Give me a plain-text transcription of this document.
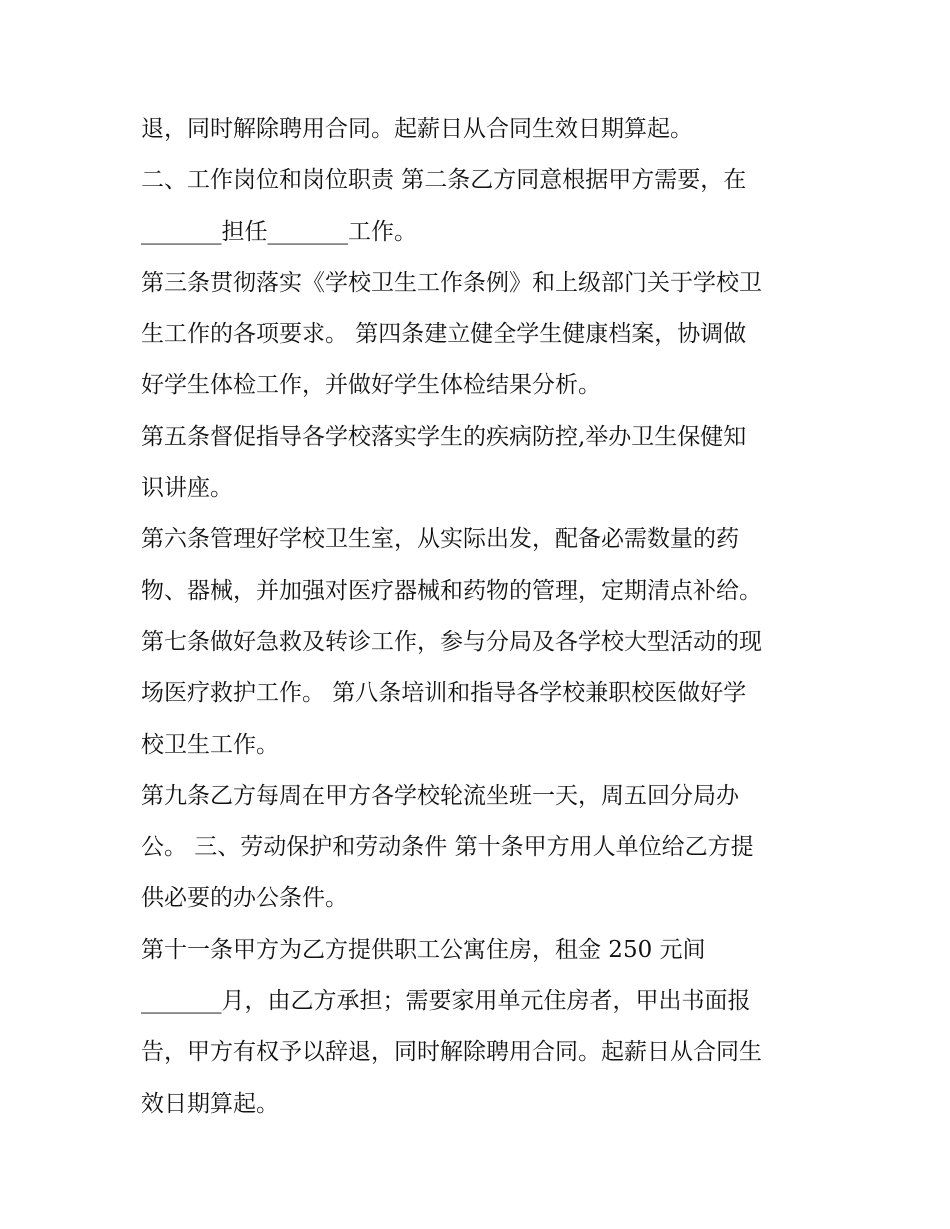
退，同时解除聘用合同。起薪日从合同生效日期算起。
二、工作岗位和岗位职责 第二条乙方同意根据甲方需要，在
_______担任_______工作。
第三条贯彻落实《学校卫生工作条例》和上级部门关于学校卫
生工作的各项要求。 第四条建立健全学生健康档案，协调做
好学生体检工作，并做好学生体检结果分析。
第五条督促指导各学校落实学生的疾病防控,举办卫生保健知
识讲座。
第六条管理好学校卫生室，从实际出发，配备必需数量的药
物、器械，并加强对医疗器械和药物的管理，定期清点补给。
第七条做好急救及转诊工作，参与分局及各学校大型活动的现
场医疗救护工作。 第八条培训和指导各学校兼职校医做好学
校卫生工作。
第九条乙方每周在甲方各学校轮流坐班一天，周五回分局办
公。 三、劳动保护和劳动条件 第十条甲方用人单位给乙方提
供必要的办公条件。
第十一条甲方为乙方提供职工公寓住房，租金 250 元间
_______月，由乙方承担；需要家用单元住房者，甲出书面报
告，甲方有权予以辞退，同时解除聘用合同。起薪日从合同生
效日期算起。
